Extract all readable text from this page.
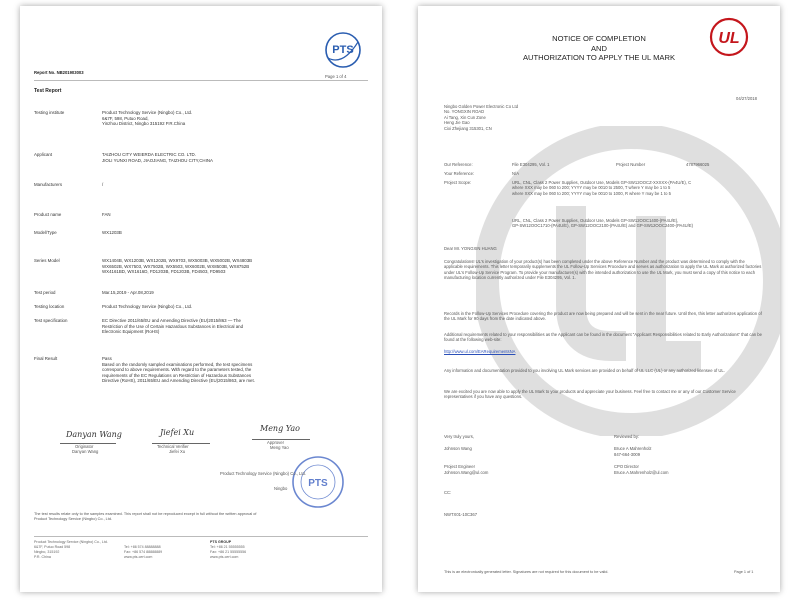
PTS
Report No. NB201903003
Page 1 of 4
Test Report
Testing institute	Product Technology Service (Ningbo) Co., Ltd.
6&7F, 598, Putuo Road,
Yinzhou District, Ningbo 315192 P.R.China
Applicant	TAIZHOU CITY WEIERDA ELECTRIC CO. LTD.
JIOLI YUNXI ROAD, JIAOJIANG, TAIZHOU CITY,CHINA
Manufacturers	/
Product name	FAN
Model/Type	WX1203B
Series Model	WX1404B, WX1203B, WX1202B, WX9703, WX5003B, WX5002B, WX4803B
WX6502B, WX7503, WX7502B, WX5503, WX6002B, WX8503B, WX8752B
WX4161BD, WX1616D, FD1203B, FD1203B, FD4503, FD9503
Test period	Mar.15,2019 - Apr.08,2019
Testing location	Product Technology Service (Ningbo) Co., Ltd.
Test specification	EC Directive 2011/65/EU and Amending Directive (EU)2015/863 — The
Restriction of the Use of Certain Hazardous Substances in Electrical and
Electronic Equipment (RoHS)
Final Result	Pass
Based on the randomly sampled examinations performed, the test specimens
correspond to above requirements. With regard to the parameters tested, the
requirements of the EC Regulations on Restriction of Hazardous Substances
Directive (RoHS), 2011/65/EU and Amending Directive (EU)2015/863, are met.
Danyan Wang
Originator
Danyan Wang
Jiefei Xu
Technical Verifier
Jiefei Xu
Meng Yao
Approver
Meng Yao
PTS
Product Technology Service (Ningbo) Co., Ltd.
Ningbo
The test results relate only to the samples examined. This report shall not be reproduced except in full without the written approval of
Product Technology Service (Ningbo) Co., Ltd.
Product Technology Service (Ningbo) Co., Ltd.
6&7F, Putuo Road 598
Ningbo, 315192
P.R. China
Tel: +86 574 88888888
Fax: +86 574 88888889
www.pts-cert.com
PTS GROUP
Tel: +86 21 55555555
Fax: +86 21 55555556
www.pts-cert.com
UL
NOTICE OF COMPLETION
AND
AUTHORIZATION TO APPLY THE UL MARK
04/27/2018
Ningbo Golden Power Electronic Co Ltd
No. YONGXIN ROAD
Ai Tang, Xin Cun Zone
Heng Jie Gao
Cixi Zhejiang 315301, CN
Our Reference:	File E304295, Vol. 1	Project Number	4787966025
Your Reference:	N/A
Project Scope:	URL, CNL, Class 2 Power Supplies, Outdoor Use, Models GP-SW12OOCZ-XXXXX-(PA4U/E), C
where XXX may be 060 to 200; YYYY may be 0010 to 2500, T where Y may be 1 to 5
where XXX may be 060 to 200; YYYY may be 0010 to 1000, R where Y may be 1 to 5
URL, CNL, Class 2 Power Supplies, Outdoor Use, Models GP-SW12OOC1400-(PA4U/E),
GP-SW12OOC1710-(PA4U/E), GP-SW12OOC2100-(PA4U/E) and GP-SW12OOC2400-(PA4U/E)
Dear Mr. YONGXIN HUANG
Congratulations! UL's investigation of your product(s) has been completed under the above Reference Number and the product was determined to comply with the applicable requirements. This letter temporarily supplements the UL Follow-Up Services Procedure and serves as authorization to apply the UL Mark at authorized factories under UL's Follow-Up Service Program. To provide your manufacturer(s) with the intended authorization to use the UL Mark, you must send a copy of this notice to each manufacturing location currently authorized under File E304295, Vol. 1.
Records in the Follow-Up Services Procedure covering the product are now being prepared and will be sent in the near future. Until then, this letter authorizes application of the UL Mark for 90 days from the date indicated above.
Additional requirements related to your responsibilities as the Applicant can be found in the document "Applicant Responsibilities related to Early Authorizations" that can be found at the following web-site:
http://www.ul.com/EARequirementsNA
Any information and documentation provided to you involving UL Mark services are provided on behalf of UL LLC (UL) or any authorized licensee of UL.
We are excited you are now able to apply the UL Mark to your products and appreciate your business. Feel free to contact me or any of our Customer Service representatives if you have any questions.
Very truly yours,	Reviewed by:
Johnson Wang	Bruce A Mahrenholz
847-664-3009
Project Engineer	CPO Director
Johnson.Wang@ul.com	Bruce.A.Mahrenholz@ul.com
CC:
NWTX01-10C367
This is an electronically generated letter. Signatures are not required for this document to be valid.	Page 1 of 1
